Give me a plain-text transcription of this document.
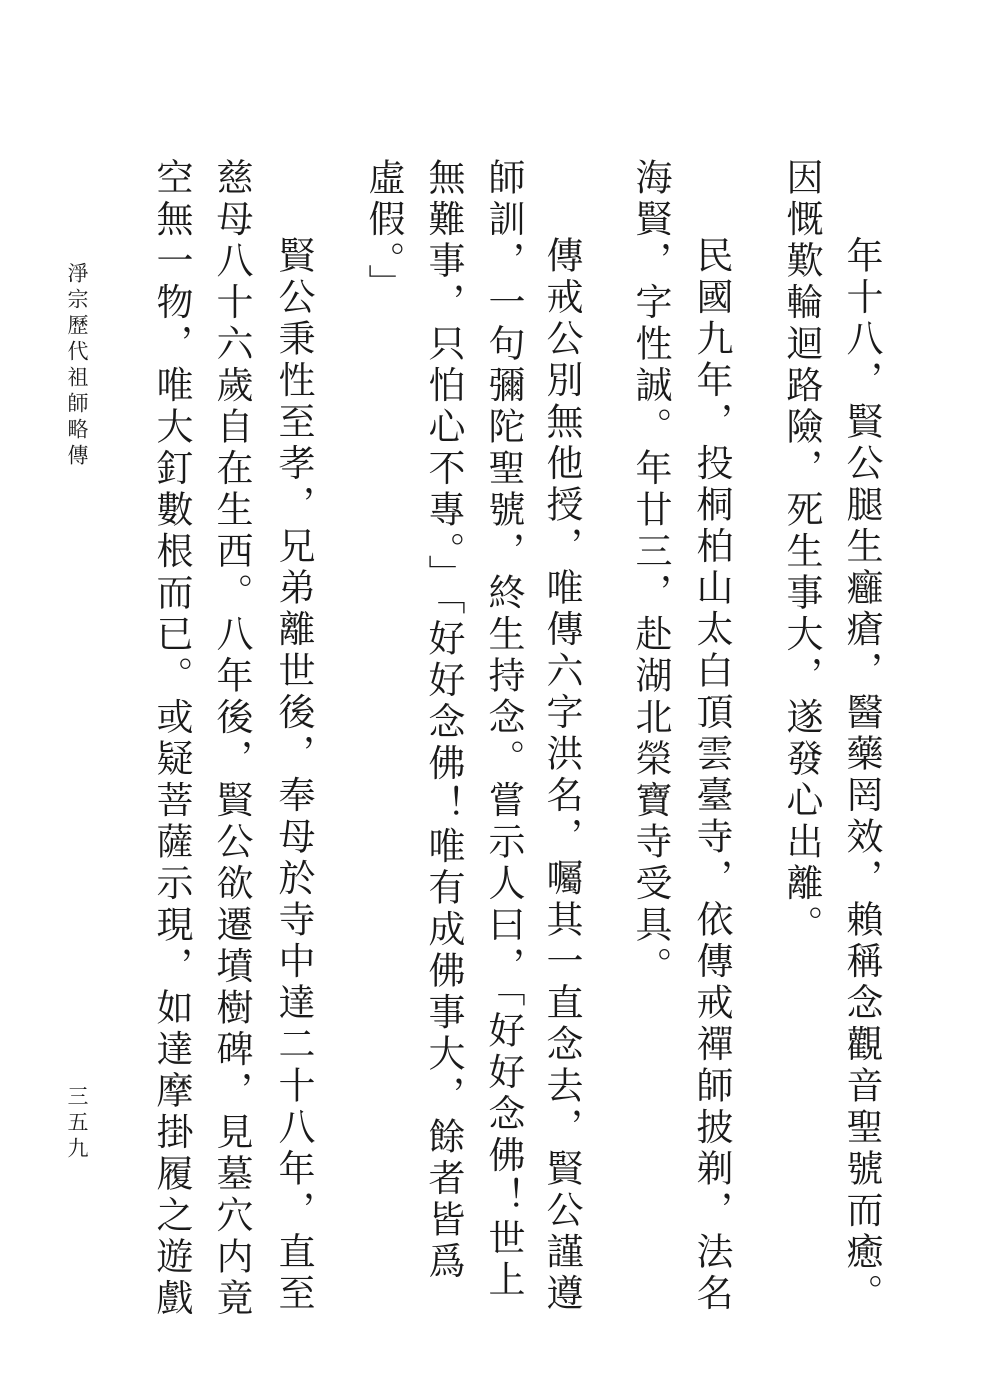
年十八，賢公腿生癰瘡，醫藥罔效，賴稱念觀音聖號而癒。
因慨歎輪迴路險，死生事大，遂發心出離。
民國九年，投桐柏山太白頂雲臺寺，依傳戒禪師披剃，法名
海賢，字性誠。年廿三，赴湖北榮寶寺受具。
傳戒公別無他授，唯傳六字洪名，囑其一直念去，賢公謹遵
師訓，一句彌陀聖號，終生持念。嘗示人曰，「好好念佛！世上
無難事，只怕心不專。」「好好念佛！唯有成佛事大，餘者皆爲
虛假。」
賢公秉性至孝，兄弟離世後，奉母於寺中達二十八年，直至
慈母八十六歲自在生西。八年後，賢公欲遷墳樹碑，見墓穴内竟
空無一物，唯大釘數根而已。或疑菩薩示現，如達摩掛履之遊戲
淨宗歷代祖師略傳
三五九
